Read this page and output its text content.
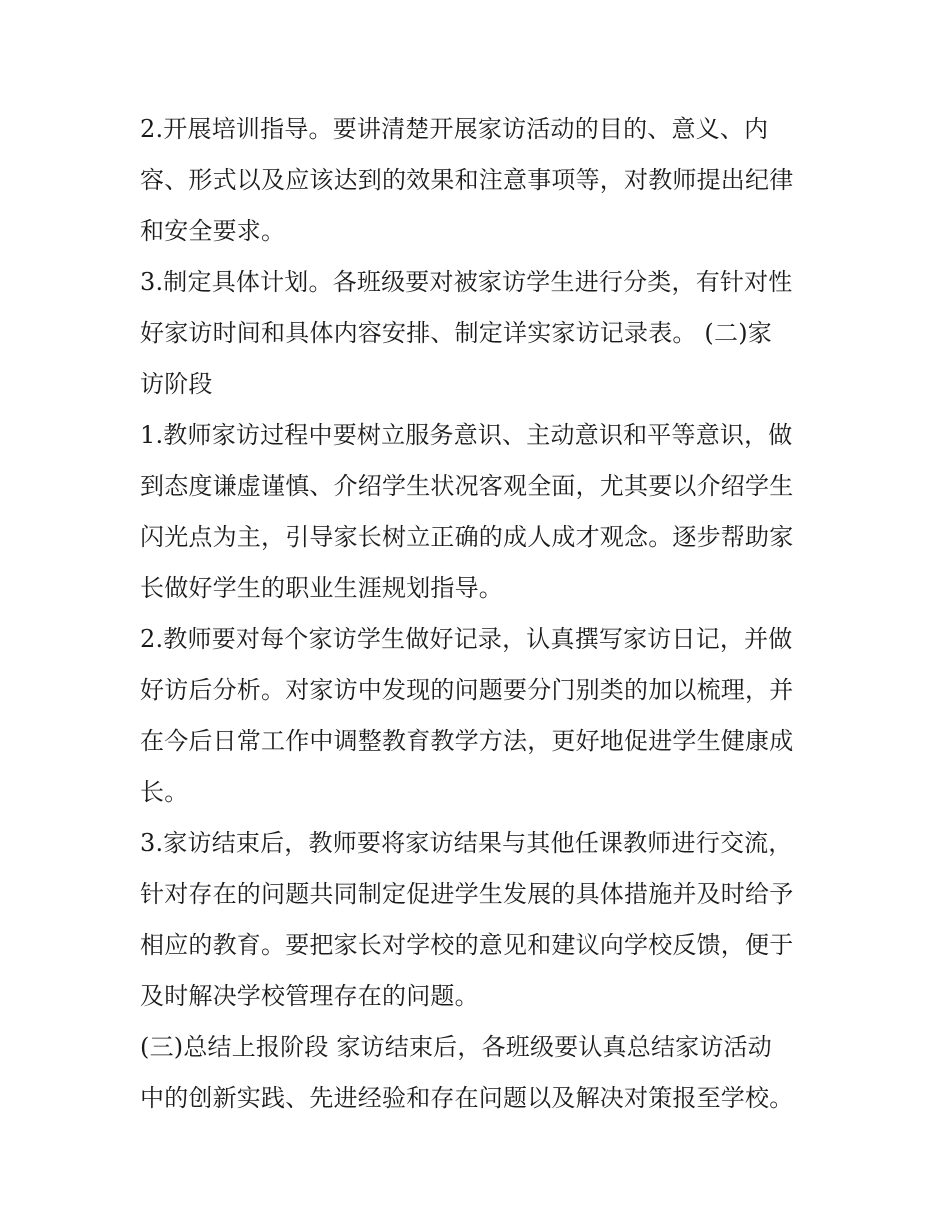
2.开展培训指导。要讲清楚开展家访活动的目的、意义、内
容、形式以及应该达到的效果和注意事项等，对教师提出纪律
和安全要求。
3.制定具体计划。各班级要对被家访学生进行分类，有针对性
好家访时间和具体内容安排、制定详实家访记录表。 (二)家
访阶段
1.教师家访过程中要树立服务意识、主动意识和平等意识，做
到态度谦虚谨慎、介绍学生状况客观全面，尤其要以介绍学生
闪光点为主，引导家长树立正确的成人成才观念。逐步帮助家
长做好学生的职业生涯规划指导。
2.教师要对每个家访学生做好记录，认真撰写家访日记，并做
好访后分析。对家访中发现的问题要分门别类的加以梳理，并
在今后日常工作中调整教育教学方法，更好地促进学生健康成
长。
3.家访结束后，教师要将家访结果与其他任课教师进行交流，
针对存在的问题共同制定促进学生发展的具体措施并及时给予
相应的教育。要把家长对学校的意见和建议向学校反馈，便于
及时解决学校管理存在的问题。
(三)总结上报阶段 家访结束后，各班级要认真总结家访活动
中的创新实践、先进经验和存在问题以及解决对策报至学校。
